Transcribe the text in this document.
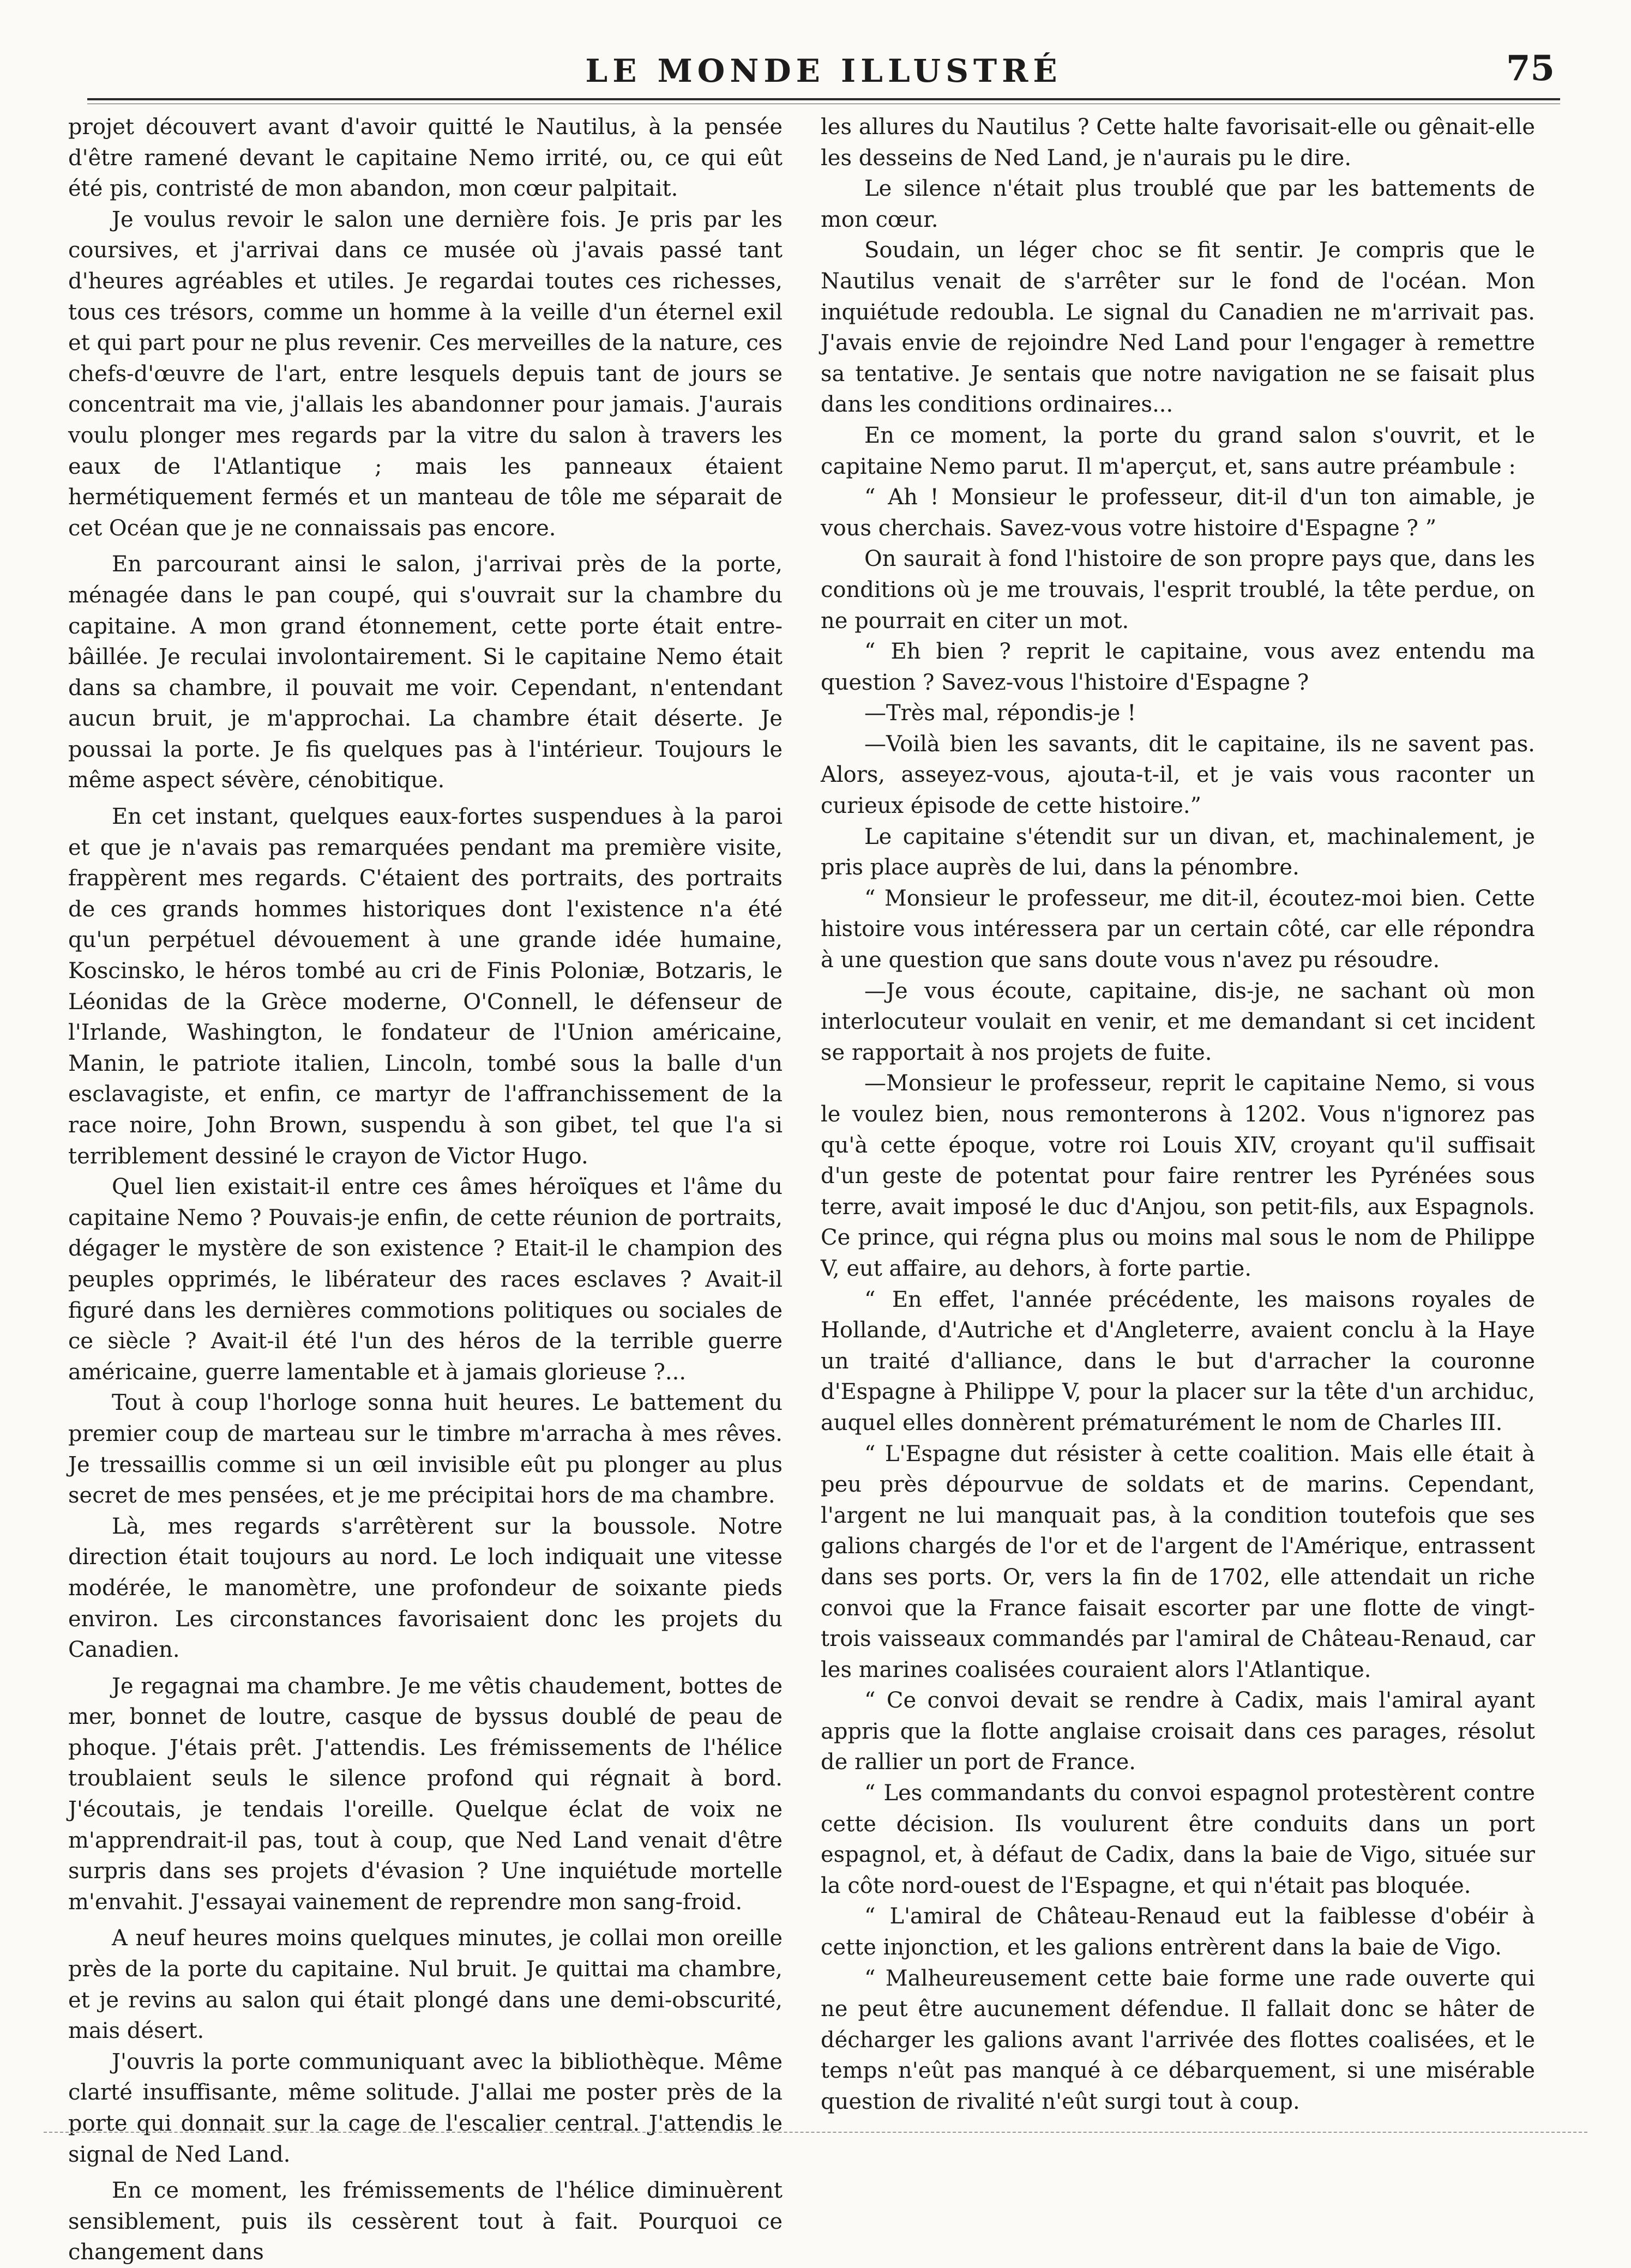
LE MONDE ILLUSTRÉ	75

projet découvert avant d'avoir quitté le Nautilus, à la pensée d'être ramené devant le capitaine Nemo irrité, ou, ce qui eût été pis, contristé de mon abandon, mon cœur palpitait.

Je voulus revoir le salon une dernière fois. Je pris par les coursives, et j'arrivai dans ce musée où j'avais passé tant d'heures agréables et utiles. Je regardai toutes ces richesses, tous ces trésors, comme un homme à la veille d'un éternel exil et qui part pour ne plus revenir. Ces merveilles de la nature, ces chefs-d'œuvre de l'art, entre lesquels depuis tant de jours se concentrait ma vie, j'allais les abandonner pour jamais. J'aurais voulu plonger mes regards par la vitre du salon à travers les eaux de l'Atlantique ; mais les panneaux étaient hermétiquement fermés et un manteau de tôle me séparait de cet Océan que je ne connaissais pas encore.

En parcourant ainsi le salon, j'arrivai près de la porte, ménagée dans le pan coupé, qui s'ouvrait sur la chambre du capitaine. A mon grand étonnement, cette porte était entre-bâillée. Je reculai involontairement. Si le capitaine Nemo était dans sa chambre, il pouvait me voir. Cependant, n'entendant aucun bruit, je m'approchai. La chambre était déserte. Je poussai la porte. Je fis quelques pas à l'intérieur. Toujours le même aspect sévère, cénobitique.

En cet instant, quelques eaux-fortes suspendues à la paroi et que je n'avais pas remarquées pendant ma première visite, frappèrent mes regards. C'étaient des portraits, des portraits de ces grands hommes historiques dont l'existence n'a été qu'un perpétuel dévouement à une grande idée humaine, Koscinsko, le héros tombé au cri de Finis Poloniæ, Botzaris, le Léonidas de la Grèce moderne, O'Connell, le défenseur de l'Irlande, Washington, le fondateur de l'Union américaine, Manin, le patriote italien, Lincoln, tombé sous la balle d'un esclavagiste, et enfin, ce martyr de l'affranchissement de la race noire, John Brown, suspendu à son gibet, tel que l'a si terriblement dessiné le crayon de Victor Hugo.

Quel lien existait-il entre ces âmes héroïques et l'âme du capitaine Nemo ? Pouvais-je enfin, de cette réunion de portraits, dégager le mystère de son existence ? Etait-il le champion des peuples opprimés, le libérateur des races esclaves ? Avait-il figuré dans les dernières commotions politiques ou sociales de ce siècle ? Avait-il été l'un des héros de la terrible guerre américaine, guerre lamentable et à jamais glorieuse ?...

Tout à coup l'horloge sonna huit heures. Le battement du premier coup de marteau sur le timbre m'arracha à mes rêves. Je tressaillis comme si un œil invisible eût pu plonger au plus secret de mes pensées, et je me précipitai hors de ma chambre.

Là, mes regards s'arrêtèrent sur la boussole. Notre direction était toujours au nord. Le loch indiquait une vitesse modérée, le manomètre, une profondeur de soixante pieds environ. Les circonstances favorisaient donc les projets du Canadien.

Je regagnai ma chambre. Je me vêtis chaudement, bottes de mer, bonnet de loutre, casque de byssus doublé de peau de phoque. J'étais prêt. J'attendis. Les frémissements de l'hélice troublaient seuls le silence profond qui régnait à bord. J'écoutais, je tendais l'oreille. Quelque éclat de voix ne m'apprendrait-il pas, tout à coup, que Ned Land venait d'être surpris dans ses projets d'évasion ? Une inquiétude mortelle m'envahit. J'essayai vainement de reprendre mon sang-froid.

A neuf heures moins quelques minutes, je collai mon oreille près de la porte du capitaine. Nul bruit. Je quittai ma chambre, et je revins au salon qui était plongé dans une demi-obscurité, mais désert.

J'ouvris la porte communiquant avec la bibliothèque. Même clarté insuffisante, même solitude. J'allai me poster près de la porte qui donnait sur la cage de l'escalier central. J'attendis le signal de Ned Land.

En ce moment, les frémissements de l'hélice diminuèrent sensiblement, puis ils cessèrent tout à fait. Pourquoi ce changement dans

les allures du Nautilus ? Cette halte favorisait-elle ou gênait-elle les desseins de Ned Land, je n'aurais pu le dire.

Le silence n'était plus troublé que par les battements de mon cœur.

Soudain, un léger choc se fit sentir. Je compris que le Nautilus venait de s'arrêter sur le fond de l'océan. Mon inquiétude redoubla. Le signal du Canadien ne m'arrivait pas. J'avais envie de rejoindre Ned Land pour l'engager à remettre sa tentative. Je sentais que notre navigation ne se faisait plus dans les conditions ordinaires...

En ce moment, la porte du grand salon s'ouvrit, et le capitaine Nemo parut. Il m'aperçut, et, sans autre préambule :

“ Ah ! Monsieur le professeur, dit-il d'un ton aimable, je vous cherchais. Savez-vous votre histoire d'Espagne ? ”

On saurait à fond l'histoire de son propre pays que, dans les conditions où je me trouvais, l'esprit troublé, la tête perdue, on ne pourrait en citer un mot.

“ Eh bien ? reprit le capitaine, vous avez entendu ma question ? Savez-vous l'histoire d'Espagne ?

—Très mal, répondis-je !

—Voilà bien les savants, dit le capitaine, ils ne savent pas. Alors, asseyez-vous, ajouta-t-il, et je vais vous raconter un curieux épisode de cette histoire.”

Le capitaine s'étendit sur un divan, et, machinalement, je pris place auprès de lui, dans la pénombre.

“ Monsieur le professeur, me dit-il, écoutez-moi bien. Cette histoire vous intéressera par un certain côté, car elle répondra à une question que sans doute vous n'avez pu résoudre.

—Je vous écoute, capitaine, dis-je, ne sachant où mon interlocuteur voulait en venir, et me demandant si cet incident se rapportait à nos projets de fuite.

—Monsieur le professeur, reprit le capitaine Nemo, si vous le voulez bien, nous remonterons à 1202. Vous n'ignorez pas qu'à cette époque, votre roi Louis XIV, croyant qu'il suffisait d'un geste de potentat pour faire rentrer les Pyrénées sous terre, avait imposé le duc d'Anjou, son petit-fils, aux Espagnols. Ce prince, qui régna plus ou moins mal sous le nom de Philippe V, eut affaire, au dehors, à forte partie.

“ En effet, l'année précédente, les maisons royales de Hollande, d'Autriche et d'Angleterre, avaient conclu à la Haye un traité d'alliance, dans le but d'arracher la couronne d'Espagne à Philippe V, pour la placer sur la tête d'un archiduc, auquel elles donnèrent prématurément le nom de Charles III.

“ L'Espagne dut résister à cette coalition. Mais elle était à peu près dépourvue de soldats et de marins. Cependant, l'argent ne lui manquait pas, à la condition toutefois que ses galions chargés de l'or et de l'argent de l'Amérique, entrassent dans ses ports. Or, vers la fin de 1702, elle attendait un riche convoi que la France faisait escorter par une flotte de vingt-trois vaisseaux commandés par l'amiral de Château-Renaud, car les marines coalisées couraient alors l'Atlantique.

“ Ce convoi devait se rendre à Cadix, mais l'amiral ayant appris que la flotte anglaise croisait dans ces parages, résolut de rallier un port de France.

“ Les commandants du convoi espagnol protestèrent contre cette décision. Ils voulurent être conduits dans un port espagnol, et, à défaut de Cadix, dans la baie de Vigo, située sur la côte nord-ouest de l'Espagne, et qui n'était pas bloquée.

“ L'amiral de Château-Renaud eut la faiblesse d'obéir à cette injonction, et les galions entrèrent dans la baie de Vigo.

“ Malheureusement cette baie forme une rade ouverte qui ne peut être aucunement défendue. Il fallait donc se hâter de décharger les galions avant l'arrivée des flottes coalisées, et le temps n'eût pas manqué à ce débarquement, si une misérable question de rivalité n'eût surgi tout à coup.
